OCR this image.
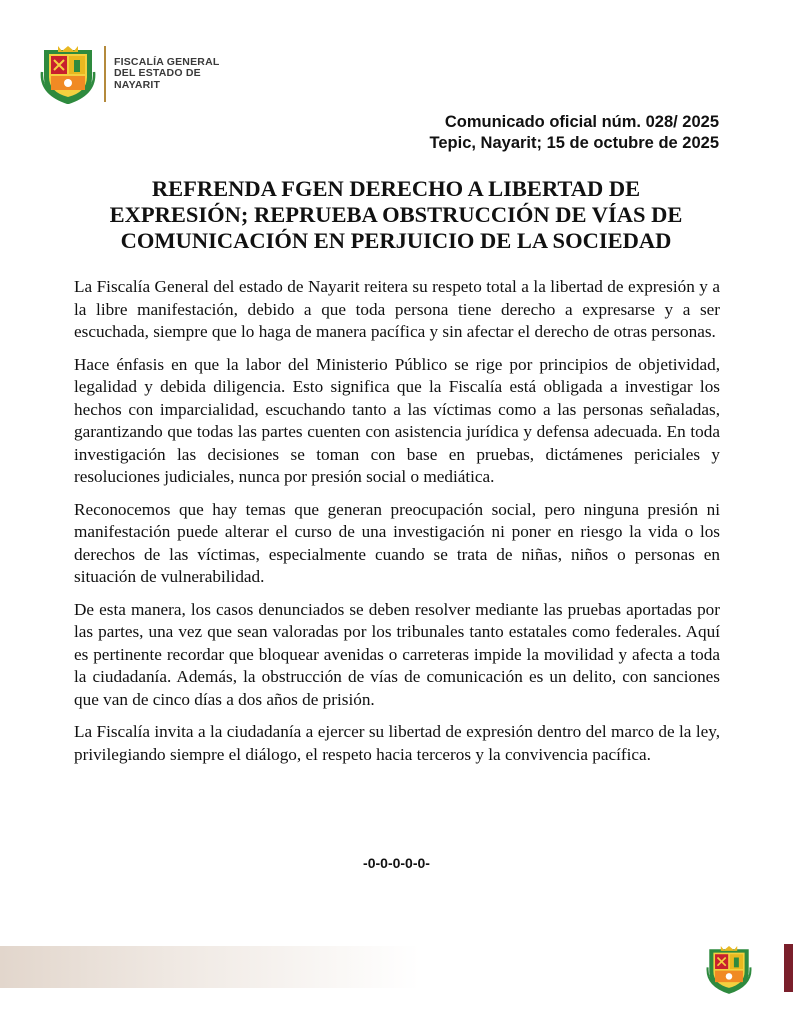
FISCALÍA GENERAL
DEL ESTADO DE
NAYARIT
Comunicado oficial núm. 028/ 2025
Tepic, Nayarit; 15 de octubre de 2025
REFRENDA FGEN DERECHO A LIBERTAD DE
EXPRESIÓN; REPRUEBA OBSTRUCCIÓN DE VÍAS DE
COMUNICACIÓN EN PERJUICIO DE LA SOCIEDAD

La Fiscalía General del estado de Nayarit reitera su respeto total a la libertad de expresión y a la libre manifestación, debido a que toda persona tiene derecho a expresarse y a ser escuchada, siempre que lo haga de manera pacífica y sin afectar el derecho de otras personas.

Hace énfasis en que la labor del Ministerio Público se rige por principios de objetividad, legalidad y debida diligencia. Esto significa que la Fiscalía está obligada a investigar los hechos con imparcialidad, escuchando tanto a las víctimas como a las personas señaladas, garantizando que todas las partes cuenten con asistencia jurídica y defensa adecuada. En toda investigación las decisiones se toman con base en pruebas, dictámenes periciales y resoluciones judiciales, nunca por presión social o mediática.

Reconocemos que hay temas que generan preocupación social, pero ninguna presión ni manifestación puede alterar el curso de una investigación ni poner en riesgo la vida o los derechos de las víctimas, especialmente cuando se trata de niñas, niños o personas en situación de vulnerabilidad.

De esta manera, los casos denunciados se deben resolver mediante las pruebas aportadas por las partes, una vez que sean valoradas por los tribunales tanto estatales como federales. Aquí es pertinente recordar que bloquear avenidas o carreteras impide la movilidad y afecta a toda la ciudadanía. Además, la obstrucción de vías de comunicación es un delito, con sanciones que van de cinco días a dos años de prisión.

La Fiscalía invita a la ciudadanía a ejercer su libertad de expresión dentro del marco de la ley, privilegiando siempre el diálogo, el respeto hacia terceros y la convivencia pacífica.

-0-0-0-0-0-
